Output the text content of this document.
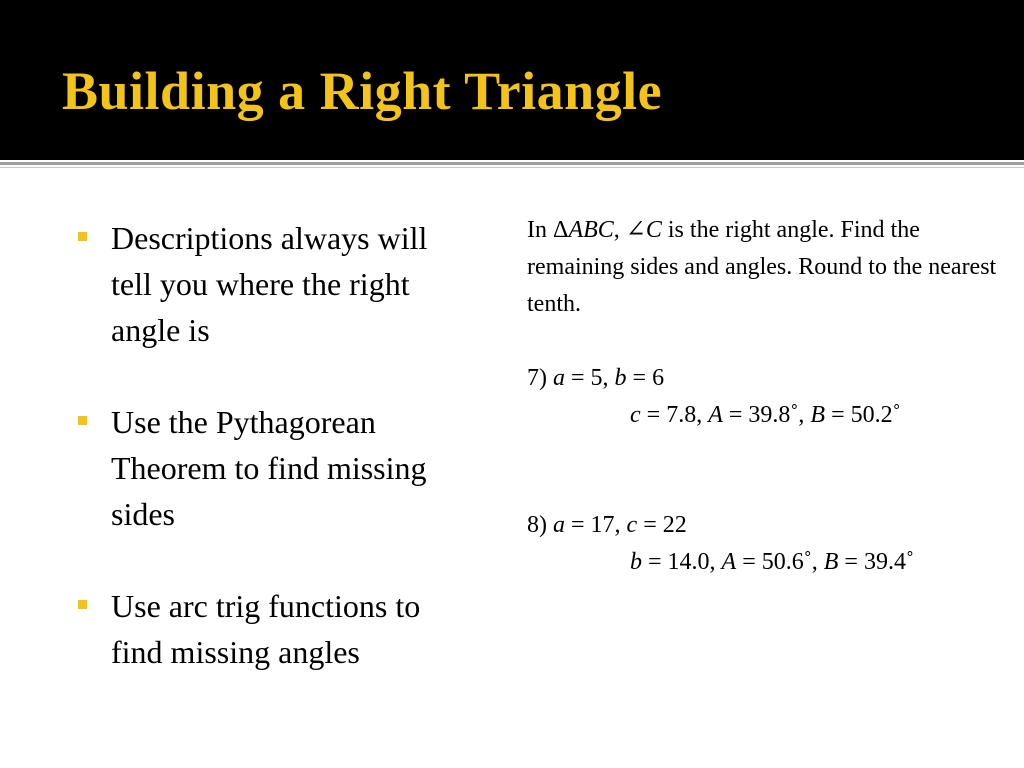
Building a Right Triangle
Descriptions always will tell you where the right angle is
Use the Pythagorean Theorem to find missing sides
Use arc trig functions to find missing angles

In ΔABC, ∠C is the right angle. Find the remaining sides and angles. Round to the nearest tenth.

7) a = 5, b = 6

c = 7.8, A = 39.8˚, B = 50.2˚

8) a = 17, c = 22

b = 14.0, A = 50.6˚, B = 39.4˚
